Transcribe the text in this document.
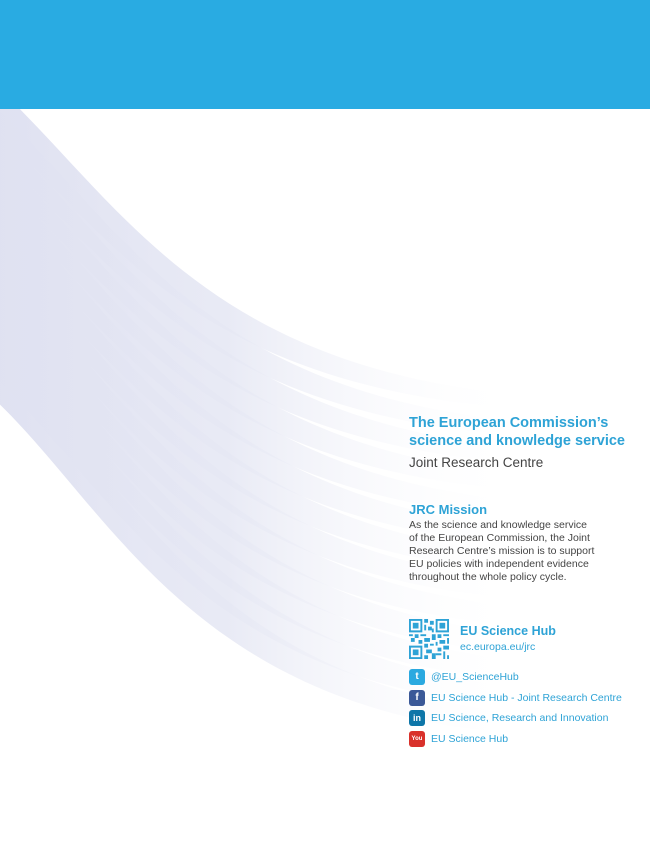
The European Commission’s
science and knowledge service
Joint Research Centre
JRC Mission
As the science and knowledge service
of the European Commission, the Joint
Research Centre’s mission is to support
EU policies with independent evidence
throughout the whole policy cycle.
EU Science Hub
ec.europa.eu/jrc
t	@EU_ScienceHub
f	EU Science Hub - Joint Research Centre
in EU Science, Research and Innovation
You EU Science Hub
